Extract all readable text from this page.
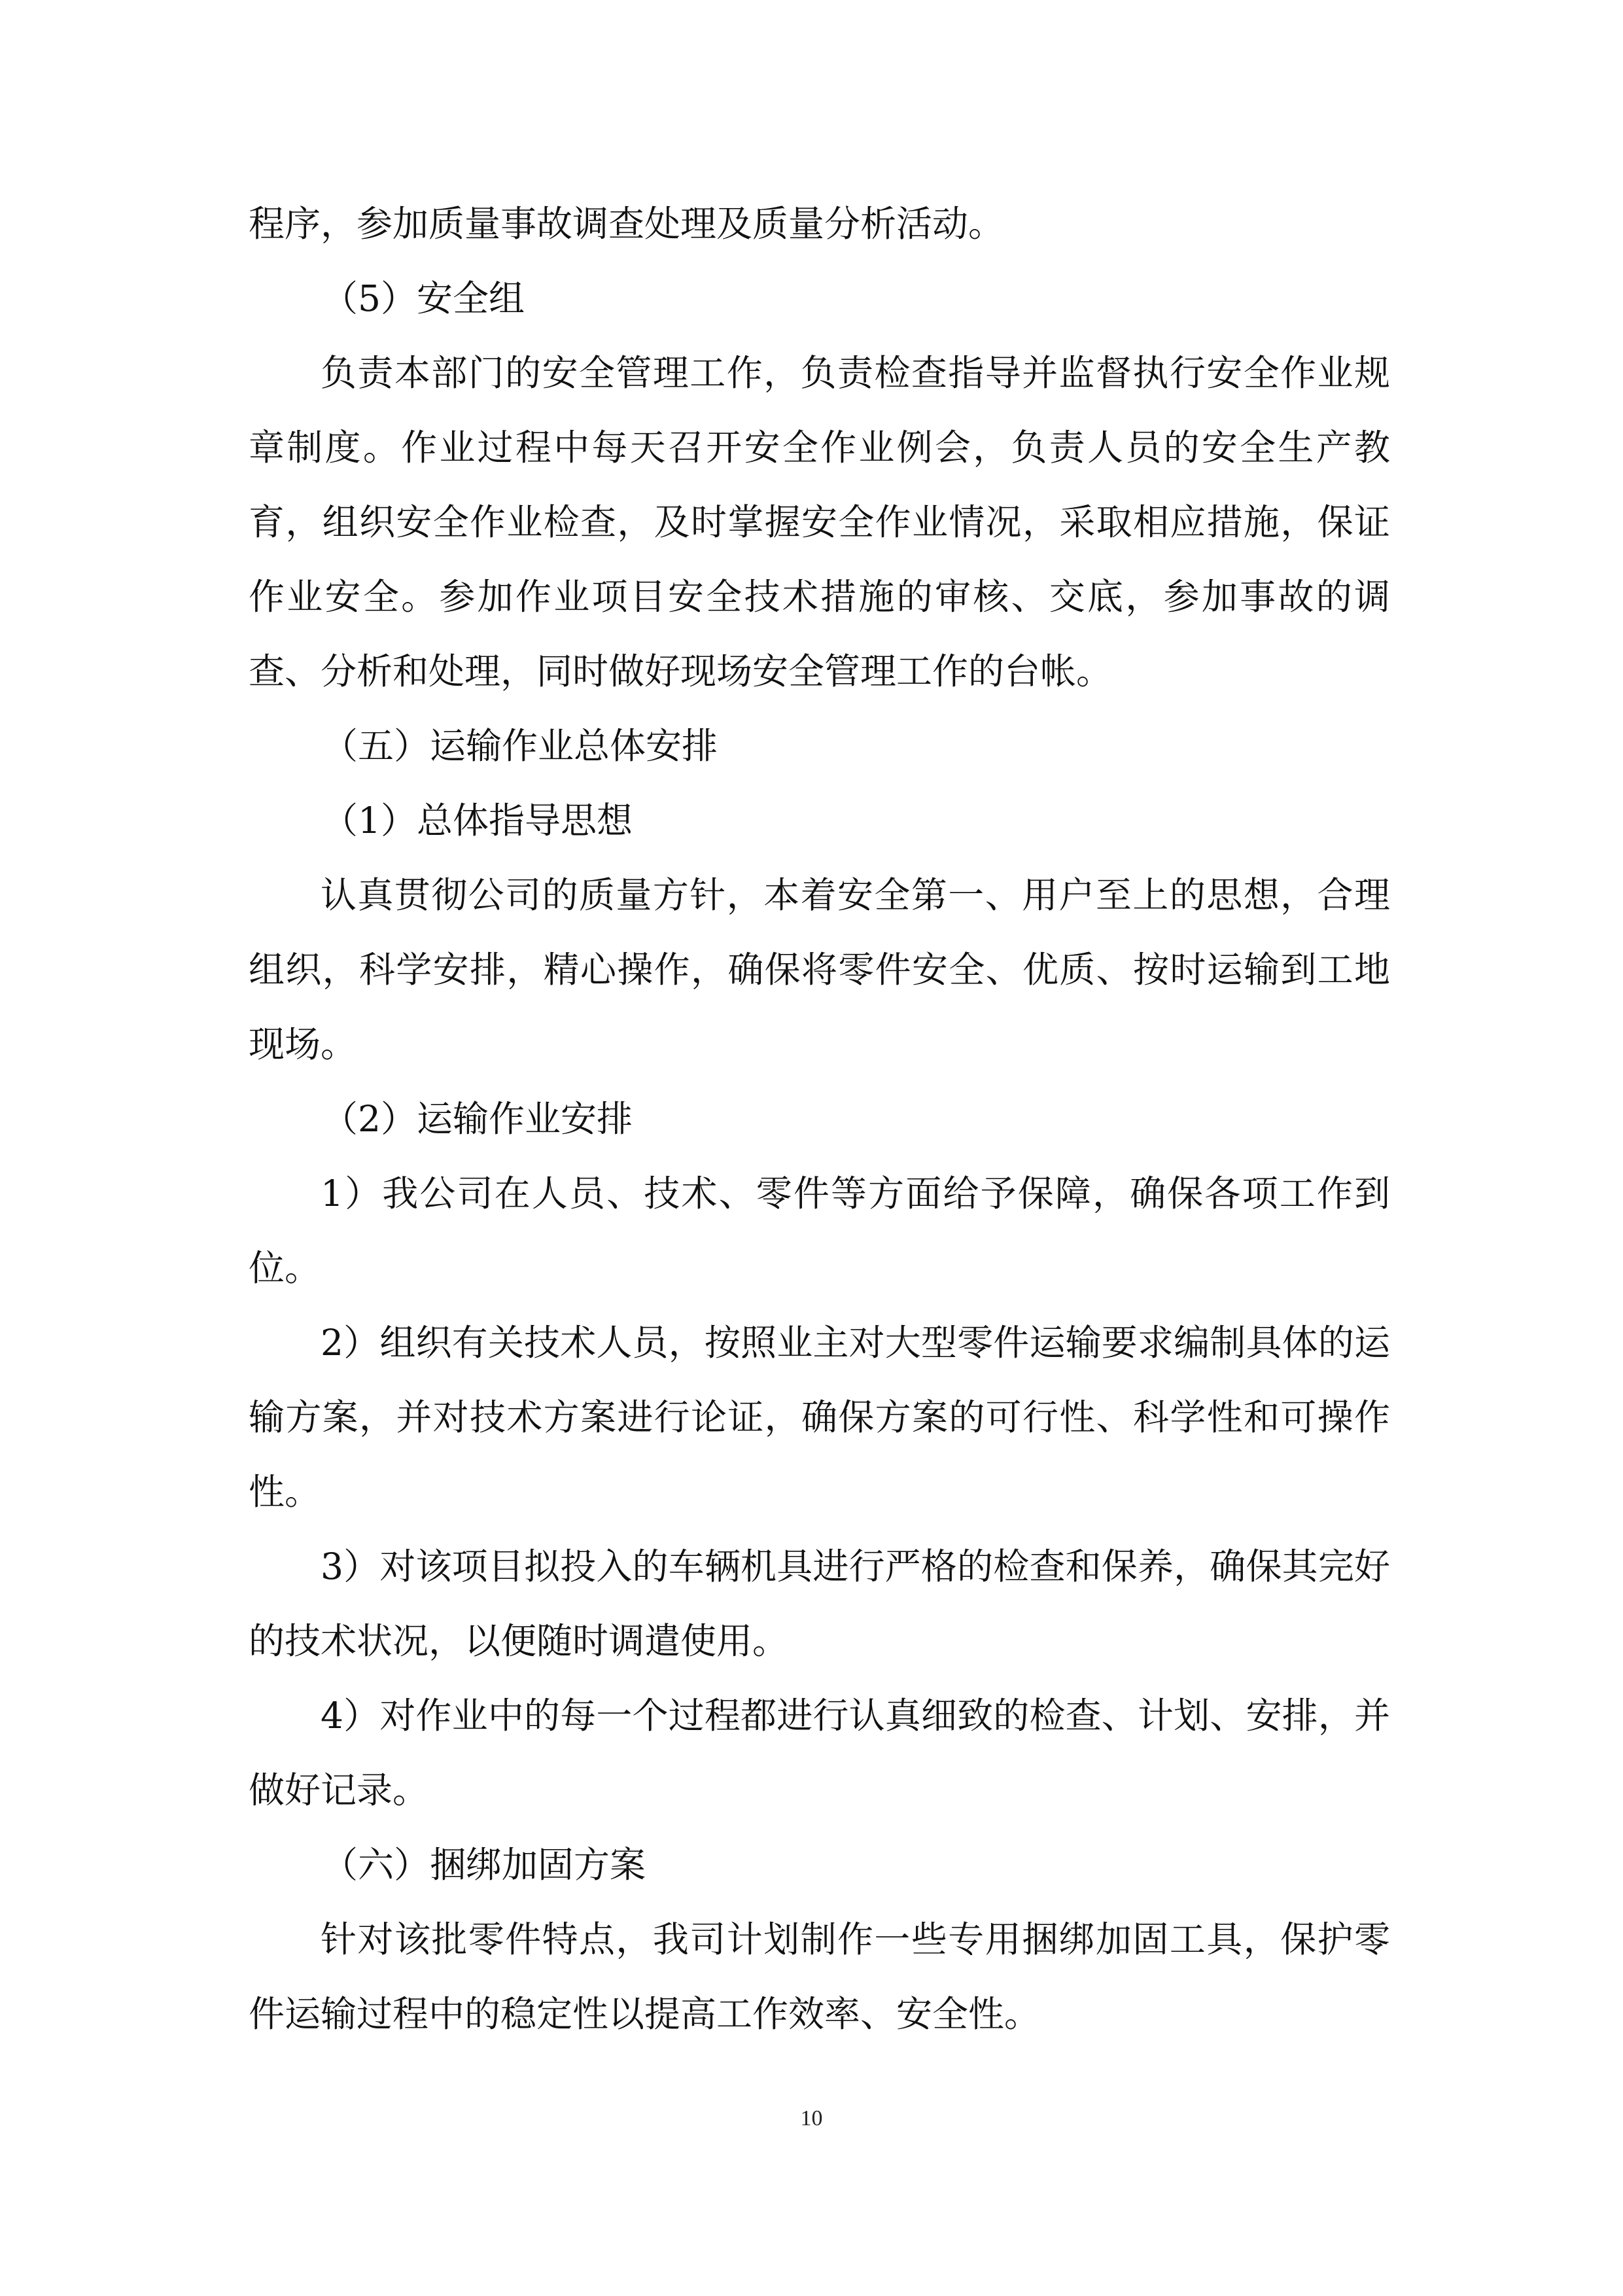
程序，参加质量事故调查处理及质量分析活动。

（5）安全组

负责本部门的安全管理工作，负责检查指导并监督执行安全作业规章制度。作业过程中每天召开安全作业例会，负责人员的安全生产教育，组织安全作业检查，及时掌握安全作业情况，采取相应措施，保证作业安全。参加作业项目安全技术措施的审核、交底，参加事故的调查、分析和处理，同时做好现场安全管理工作的台帐。

（五）运输作业总体安排

（1）总体指导思想

认真贯彻公司的质量方针，本着安全第一、用户至上的思想，合理组织，科学安排，精心操作，确保将零件安全、优质、按时运输到工地现场。

（2）运输作业安排

1）我公司在人员、技术、零件等方面给予保障，确保各项工作到位。

2）组织有关技术人员，按照业主对大型零件运输要求编制具体的运输方案，并对技术方案进行论证，确保方案的可行性、科学性和可操作性。

3）对该项目拟投入的车辆机具进行严格的检查和保养，确保其完好的技术状况，以便随时调遣使用。

4）对作业中的每一个过程都进行认真细致的检查、计划、安排，并做好记录。

（六）捆绑加固方案

针对该批零件特点，我司计划制作一些专用捆绑加固工具，保护零件运输过程中的稳定性以提高工作效率、安全性。

10
